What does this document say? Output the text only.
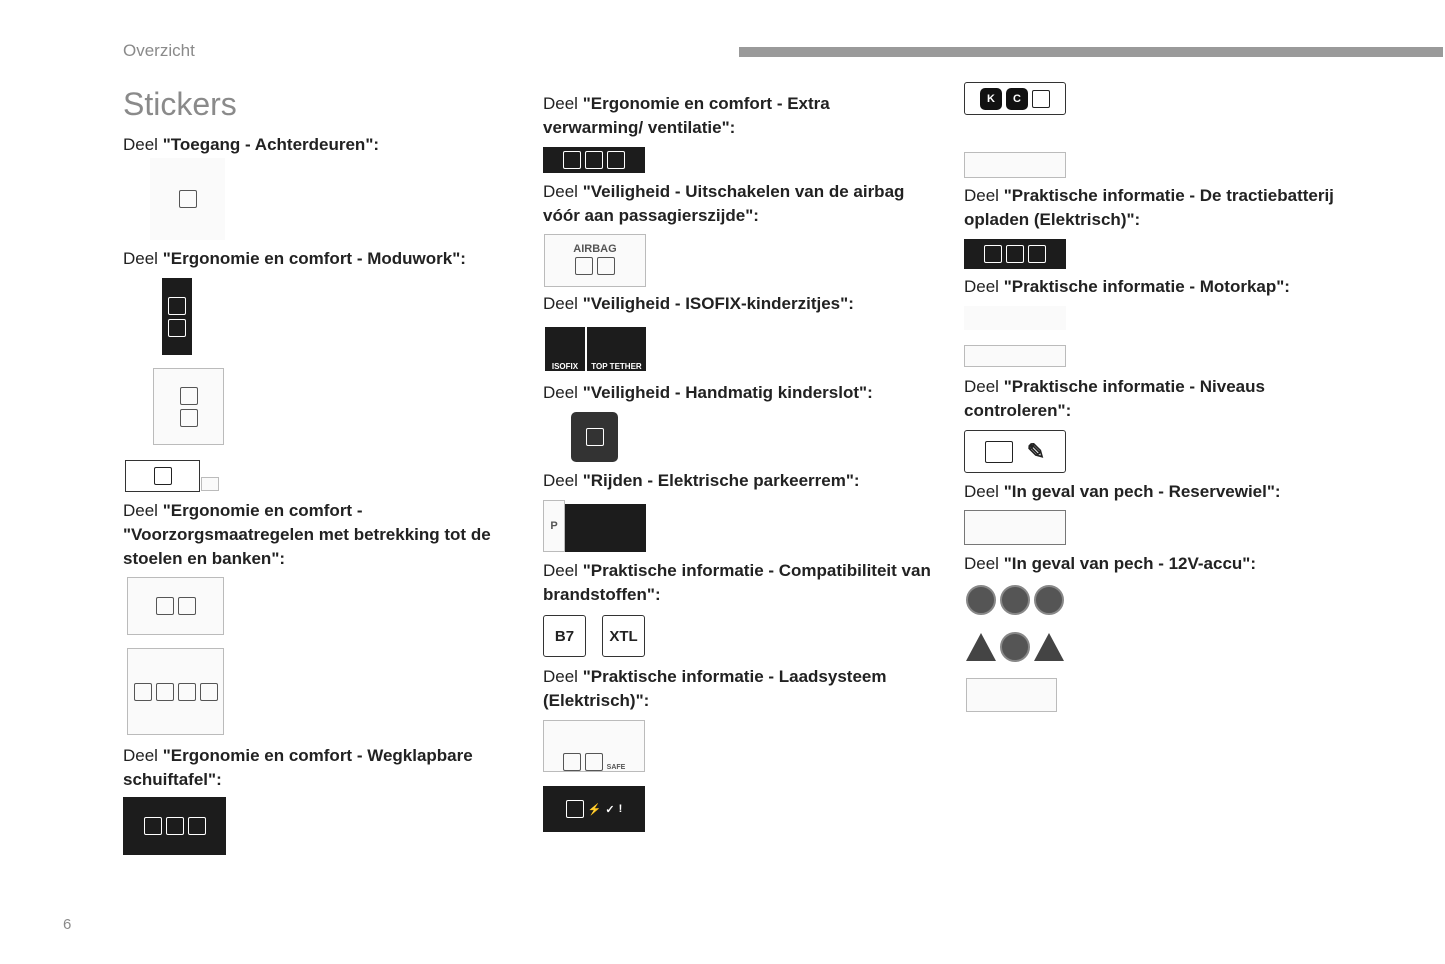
Overzicht
Stickers
Deel "Toegang - Achterdeuren":
Deel "Ergonomie en comfort - Moduwork":
Deel "Ergonomie en comfort - "Voorzorgsmaatregelen met betrekking tot de stoelen en banken":
Deel "Ergonomie en comfort - Wegklapbare schuiftafel":
Deel "Ergonomie en comfort - Extra verwarming/ ventilatie":
Deel "Veiligheid - Uitschakelen van de airbag vóór aan passagierszijde":
AIRBAG

Deel "Veiligheid - ISOFIX-kinderzitjes":
ISOFIX TOP TETHER
Deel "Veiligheid - Handmatig kinderslot":
Deel "Rijden - Elektrische parkeerrem":
P
Deel "Praktische informatie - Compatibiliteit van brandstoffen":
B7 XTL
Deel "Praktische informatie - Laadsysteem (Elektrisch)":
SAFE
⚡ ✓ !
K	C
Deel "Praktische informatie - De tractiebatterij opladen (Elektrisch)":
Deel "Praktische informatie - Motorkap":
Deel "Praktische informatie - Niveaus controleren":
✎
Deel "In geval van pech - Reservewiel":
Deel "In geval van pech - 12V-accu":
6
